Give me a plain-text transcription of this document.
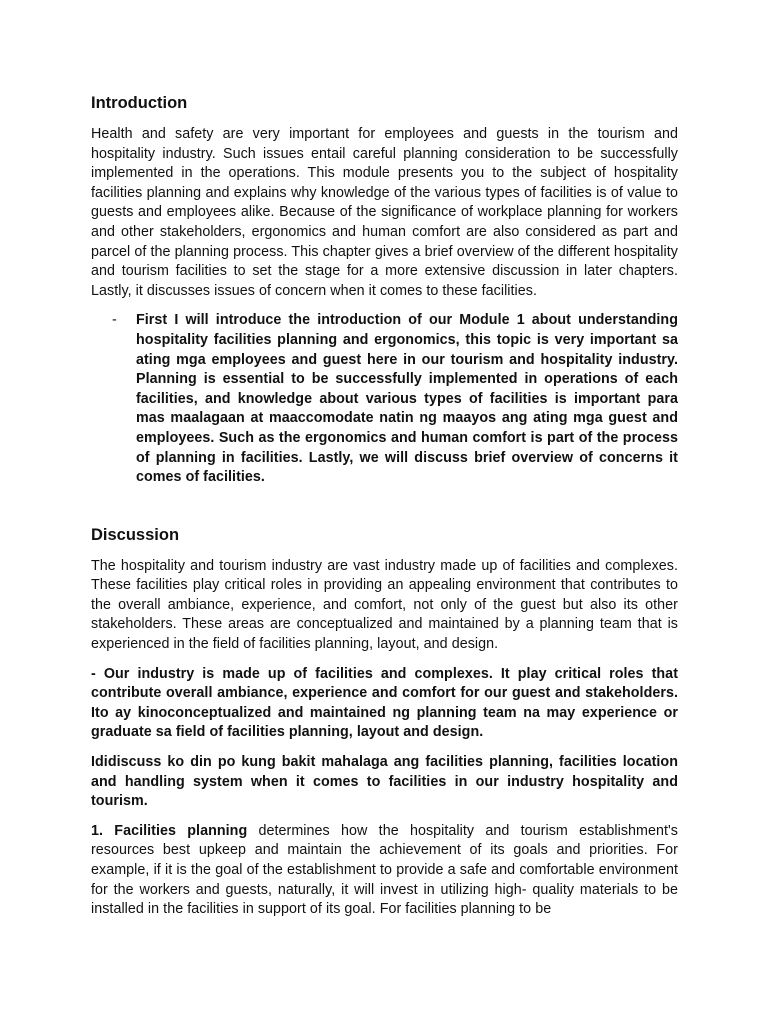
Introduction

Health and safety are very important for employees and guests in the tourism and hospitality industry. Such issues entail careful planning consideration to be successfully implemented in the operations. This module presents you to the subject of hospitality facilities planning and explains why knowledge of the various types of facilities is of value to guests and employees alike. Because of the significance of workplace planning for workers and other stakeholders, ergonomics and human comfort are also considered as part and parcel of the planning process. This chapter gives a brief overview of the different hospitality and tourism facilities to set the stage for a more extensive discussion in later chapters. Lastly, it discusses issues of concern when it comes to these facilities.

-	First I will introduce the introduction of our Module 1 about understanding hospitality facilities planning and ergonomics, this topic is very important sa ating mga employees and guest here in our tourism and hospitality industry. Planning is essential to be successfully implemented in operations of each facilities, and knowledge about various types of facilities is important para mas maalagaan at maaccomodate natin ng maayos ang ating mga guest and employees. Such as the ergonomics and human comfort is part of the process of planning in facilities. Lastly, we will discuss brief overview of concerns it comes of facilities.
Discussion

The hospitality and tourism industry are vast industry made up of facilities and complexes. These facilities play critical roles in providing an appealing environment that contributes to the overall ambiance, experience, and comfort, not only of the guest but also its other stakeholders. These areas are conceptualized and maintained by a planning team that is experienced in the field of facilities planning, layout, and design.

- Our industry is made up of facilities and complexes. It play critical roles that contribute overall ambiance, experience and comfort for our guest and stakeholders. Ito ay kinoconceptualized and maintained ng planning team na may experience or graduate sa field of facilities planning, layout and design.

Ididiscuss ko din po kung bakit mahalaga ang facilities planning, facilities location and handling system when it comes to facilities in our industry hospitality and tourism.

1. Facilities planning determines how the hospitality and tourism establishment's resources best upkeep and maintain the achievement of its goals and priorities. For example, if it is the goal of the establishment to provide a safe and comfortable environment for the workers and guests, naturally, it will invest in utilizing high- quality materials to be installed in the facilities in support of its goal. For facilities planning to be
